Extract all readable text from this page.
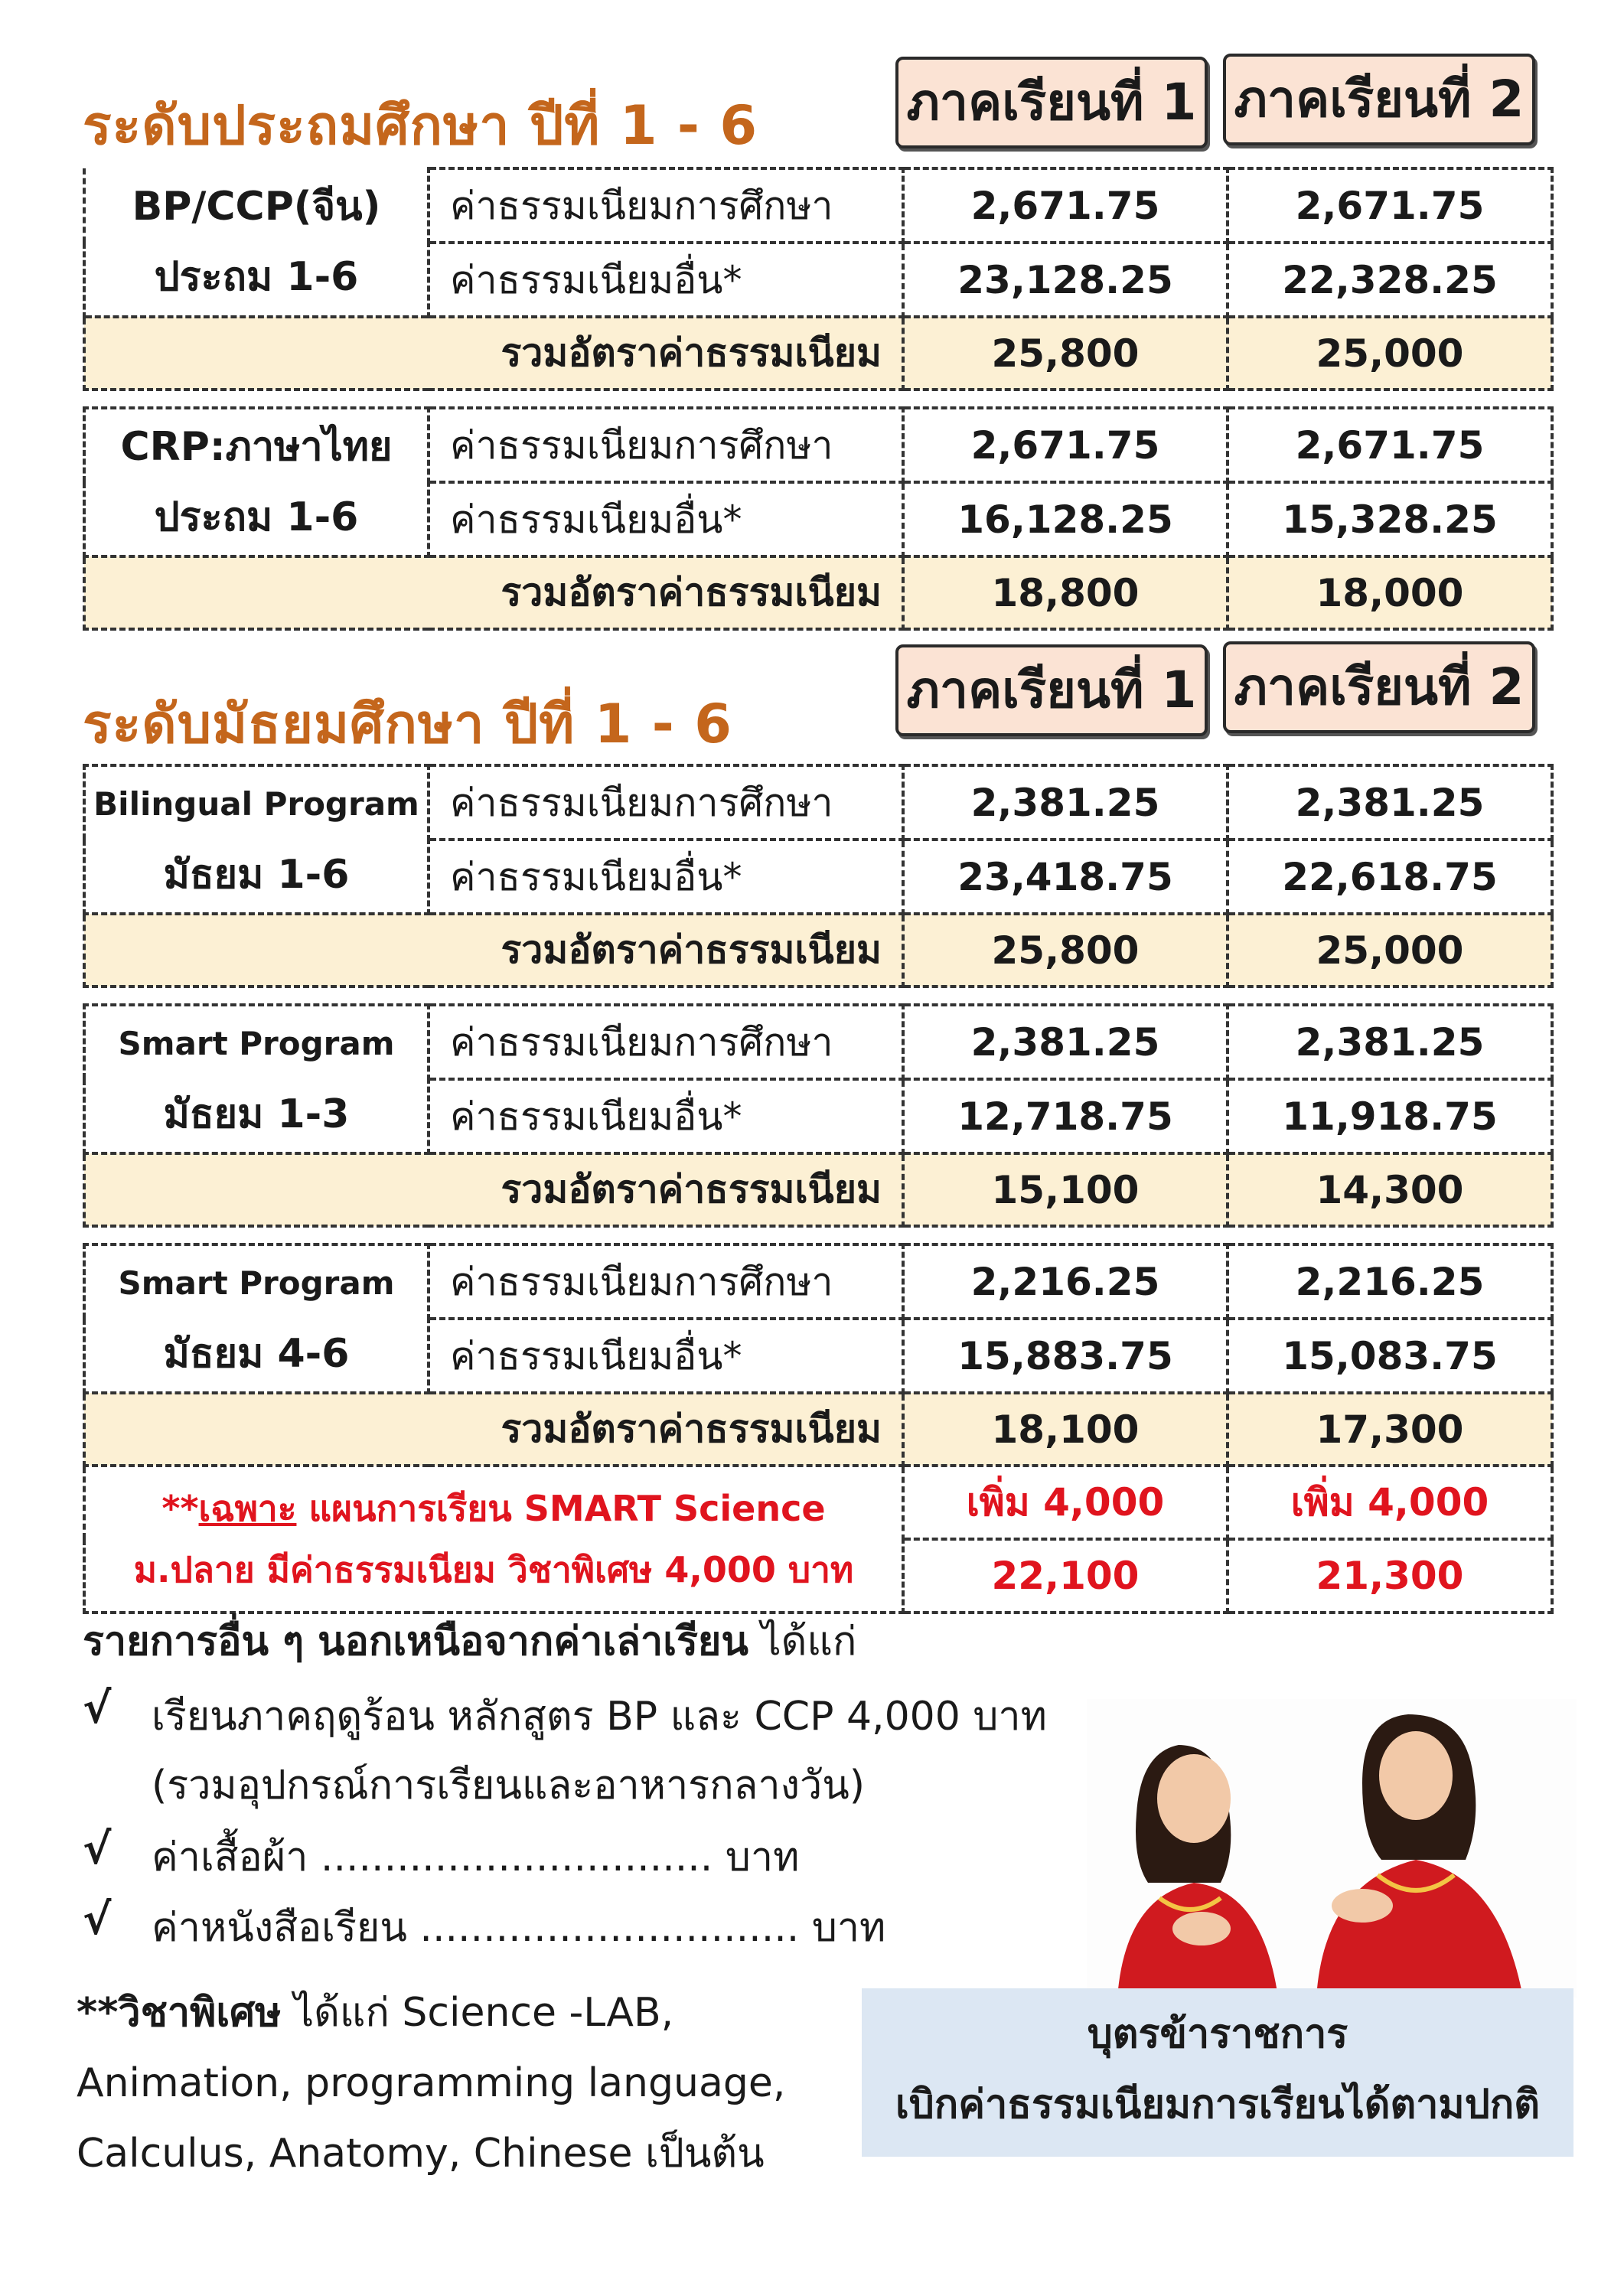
ระดับประถมศึกษา ปีที่ 1 - 6	ภาคเรียนที่ 1 ภาคเรียนที่ 2
BP/CCP(จีน)
ประถม 1-6	ค่าธรรมเนียมการศึกษา	2,671.75	2,671.75
	ค่าธรรมเนียมอื่น*	23,128.25	22,328.25
รวมอัตราค่าธรรมเนียม		25,800	25,000

CRP:ภาษาไทย
ประถม 1-6	ค่าธรรมเนียมการศึกษา	2,671.75	2,671.75
	ค่าธรรมเนียมอื่น*	16,128.25	15,328.25
รวมอัตราค่าธรรมเนียม		18,800	18,000
ระดับมัธยมศึกษา ปีที่ 1 - 6
ภาคเรียนที่ 1 ภาคเรียนที่ 2
Bilingual Program
มัธยม 1-6	ค่าธรรมเนียมการศึกษา	2,381.25	2,381.25
	ค่าธรรมเนียมอื่น*	23,418.75	22,618.75
รวมอัตราค่าธรรมเนียม		25,800	25,000

Smart Program
มัธยม 1-3	ค่าธรรมเนียมการศึกษา	2,381.25	2,381.25
	ค่าธรรมเนียมอื่น*	12,718.75	11,918.75
รวมอัตราค่าธรรมเนียม		15,100	14,300

Smart Program
มัธยม 4-6	ค่าธรรมเนียมการศึกษา	2,216.25	2,216.25
	ค่าธรรมเนียมอื่น*	15,883.75	15,083.75
รวมอัตราค่าธรรมเนียม		18,100	17,300

**เฉพาะ แผนการเรียน SMART Science
ม.ปลาย มีค่าธรรมเนียม วิชาพิเศษ 4,000 บาท		เพิ่ม 4,000	เพิ่ม 4,000
		22,100	21,300
รายการอื่น ๆ นอกเหนือจากค่าเล่าเรียน ได้แก่
√ เรียนภาคฤดูร้อน หลักสูตร BP และ CCP 4,000 บาท
(รวมอุปกรณ์การเรียนและอาหารกลางวัน)
√ ค่าเสื้อผ้า ............................... บาท
√ ค่าหนังสือเรียน .............................. บาท
**วิชาพิเศษ ได้แก่ Science -LAB,
Animation, programming language,
Calculus, Anatomy, Chinese เป็นต้น
บุตรข้าราชการ
เบิกค่าธรรมเนียมการเรียนได้ตามปกติ
